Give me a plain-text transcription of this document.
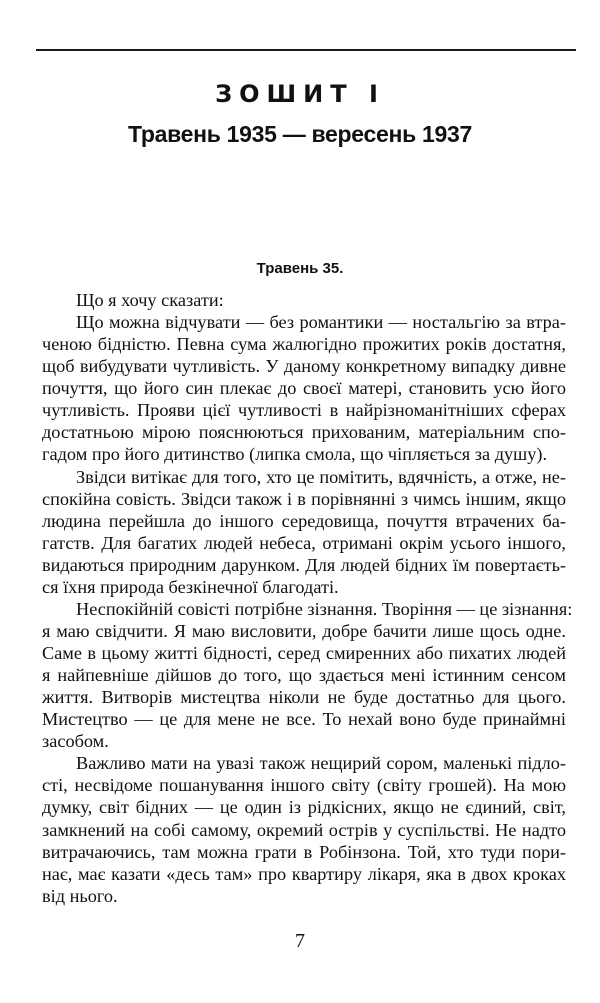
ЗОШИТ І
Травень 1935 — вересень 1937
Травень 35.
Що я хочу сказати:
Що можна відчувати — без романтики — ностальгію за втра-
ченою бідністю. Певна сума жалюгідно прожитих років достатня,
щоб вибудувати чутливість. У даному конкретному випадку дивне
почуття, що його син плекає до своєї матері, становить усю його
чутливість. Прояви цієї чутливості в найрізноманітніших сферах
достатньою мірою пояснюються прихованим, матеріальним спо-
гадом про його дитинство (липка смола, що чіпляється за душу).
Звідси витікає для того, хто це помітить, вдячність, а отже, не-
спокійна совість. Звідси також і в порівнянні з чимсь іншим, якщо
людина перейшла до іншого середовища, почуття втрачених ба-
гатств. Для багатих людей небеса, отримані окрім усього іншого,
видаються природним дарунком. Для людей бідних їм повертаєть-
ся їхня природа безкінечної благодаті.
Неспокійній совісті потрібне зізнання. Творіння — це зізнання:
я маю свідчити. Я маю висловити, добре бачити лише щось одне.
Саме в цьому житті бідності, серед смиренних або пихатих людей
я найпевніше дійшов до того, що здається мені істинним сенсом
життя. Витворів мистецтва ніколи не буде достатньо для цього.
Мистецтво — це для мене не все. То нехай воно буде принаймні
засобом.
Важливо мати на увазі також нещирий сором, маленькі підло-
сті, несвідоме пошанування іншого світу (світу грошей). На мою
думку, світ бідних — це один із рідкісних, якщо не єдиний, світ,
замкнений на собі самому, окремий острів у суспільстві. Не надто
витрачаючись, там можна грати в Робінзона. Той, хто туди пори-
нає, має казати «десь там» про квартиру лікаря, яка в двох кроках
від нього.
7
